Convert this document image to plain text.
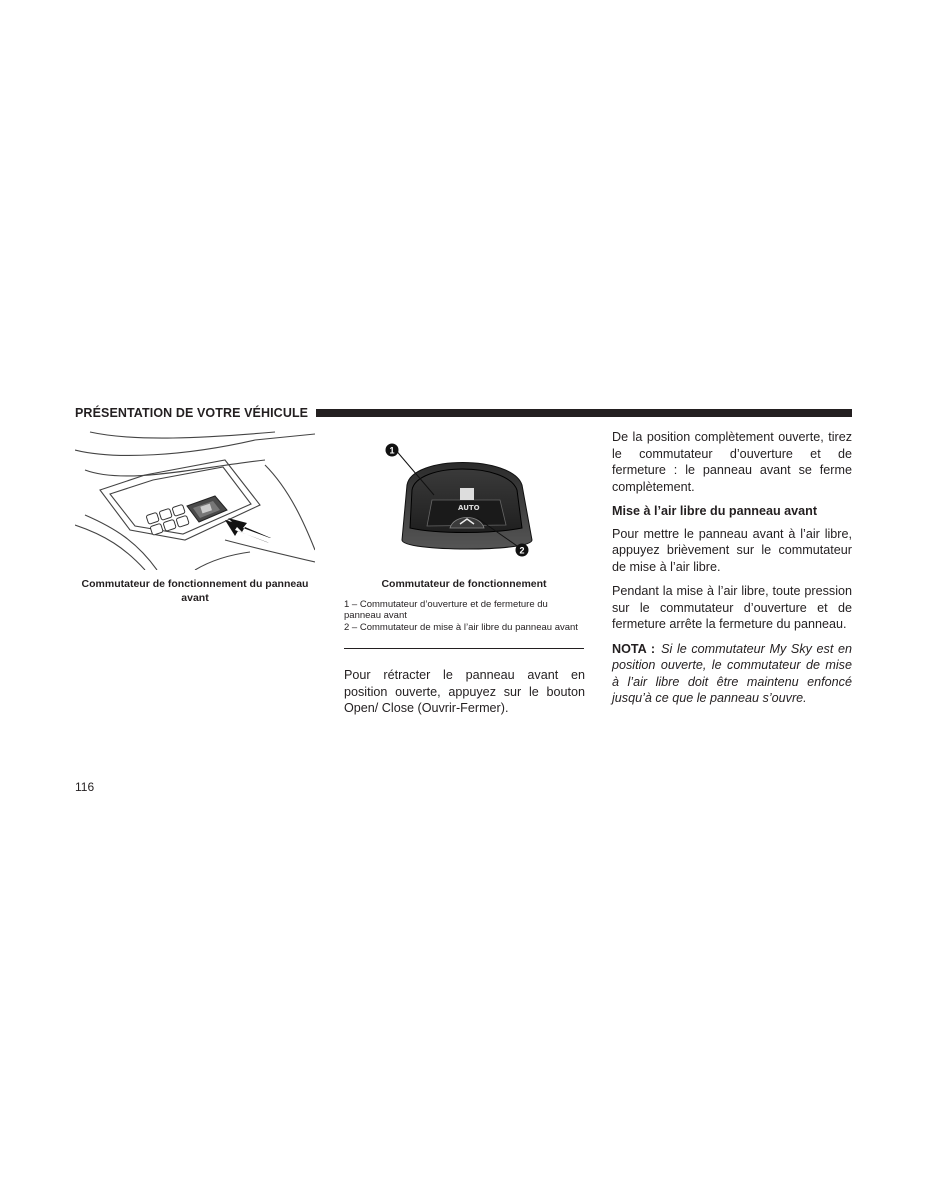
PRÉSENTATION DE VOTRE VÉHICULE
Commutateur de fonctionnement du panneau avant
AUTO
1
2
Commutateur de fonctionnement
1 – Commutateur d’ouverture et de fermeture du panneau avant
2 – Commutateur de mise à l’air libre du panneau avant
Pour rétracter le panneau avant en position ouverte, appuyez sur le bouton Open/ Close (Ouvrir-Fermer).

De la position complètement ouverte, tirez le commutateur d’ouverture et de fermeture : le panneau avant se ferme complètement.

Mise à l’air libre du panneau avant

Pour mettre le panneau avant à l’air libre, appuyez brièvement sur le commutateur de mise à l’air libre.

Pendant la mise à l’air libre, toute pression sur le commutateur d’ouverture et de fermeture arrête la fermeture du panneau.

NOTA : Si le commutateur My Sky est en position ouverte, le commutateur de mise à l’air libre doit être maintenu enfoncé jusqu’à ce que le panneau s’ouvre.

116
